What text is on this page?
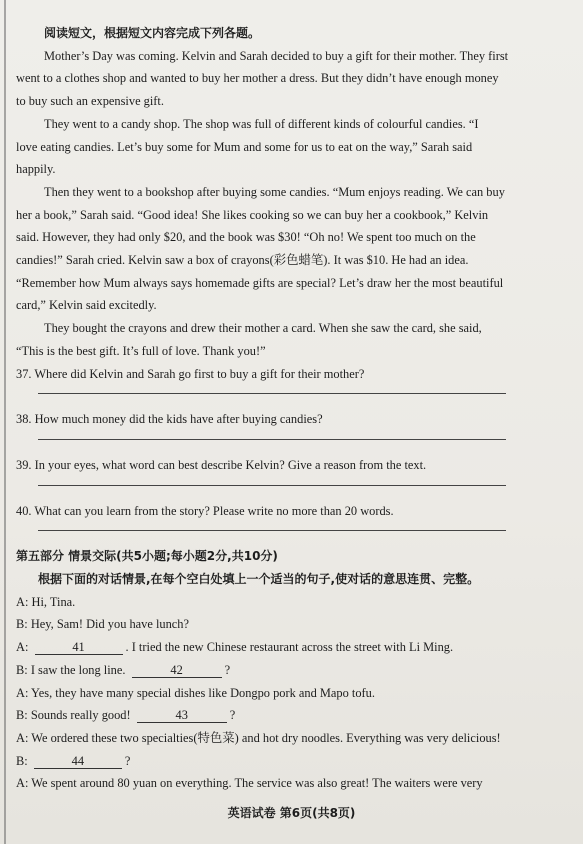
阅读短文，根据短文内容完成下列各题。
Mother’s Day was coming. Kelvin and Sarah decided to buy a gift for their mother. They first
went to a clothes shop and wanted to buy her mother a dress. But they didn’t have enough money
to buy such an expensive gift.
They went to a candy shop. The shop was full of different kinds of colourful candies. “I
love eating candies. Let’s buy some for Mum and some for us to eat on the way,” Sarah said
happily.
Then they went to a bookshop after buying some candies. “Mum enjoys reading. We can buy
her a book,” Sarah said. “Good idea! She likes cooking so we can buy her a cookbook,” Kelvin
said. However, they had only $20, and the book was $30! “Oh no! We spent too much on the
candies!” Sarah cried. Kelvin saw a box of crayons(彩色蜡笔). It was $10. He had an idea.
“Remember how Mum always says homemade gifts are special? Let’s draw her the most beautiful
card,” Kelvin said excitedly.
They bought the crayons and drew their mother a card. When she saw the card, she said,
“This is the best gift. It’s full of love. Thank you!”
37. Where did Kelvin and Sarah go first to buy a gift for their mother?
38. How much money did the kids have after buying candies?
39. In your eyes, what word can best describe Kelvin? Give a reason from the text.
40. What can you learn from the story? Please write no more than 20 words.
第五部分 情景交际(共5小题;每小题2分,共10分)
根据下面的对话情景,在每个空白处填上一个适当的句子,使对话的意思连贯、完整。
A: Hi, Tina.
B: Hey, Sam! Did you have lunch?
A:	41	. I tried the new Chinese restaurant across the street with Li Ming.
B: I saw the long line.	42	?
A: Yes, they have many special dishes like Dongpo pork and Mapo tofu.
B: Sounds really good!	43	?
A: We ordered these two specialties(特色菜) and hot dry noodles. Everything was very delicious!
B:	44	?
A: We spent around 80 yuan on everything. The service was also great! The waiters were very
英语试卷 第6页(共8页)
